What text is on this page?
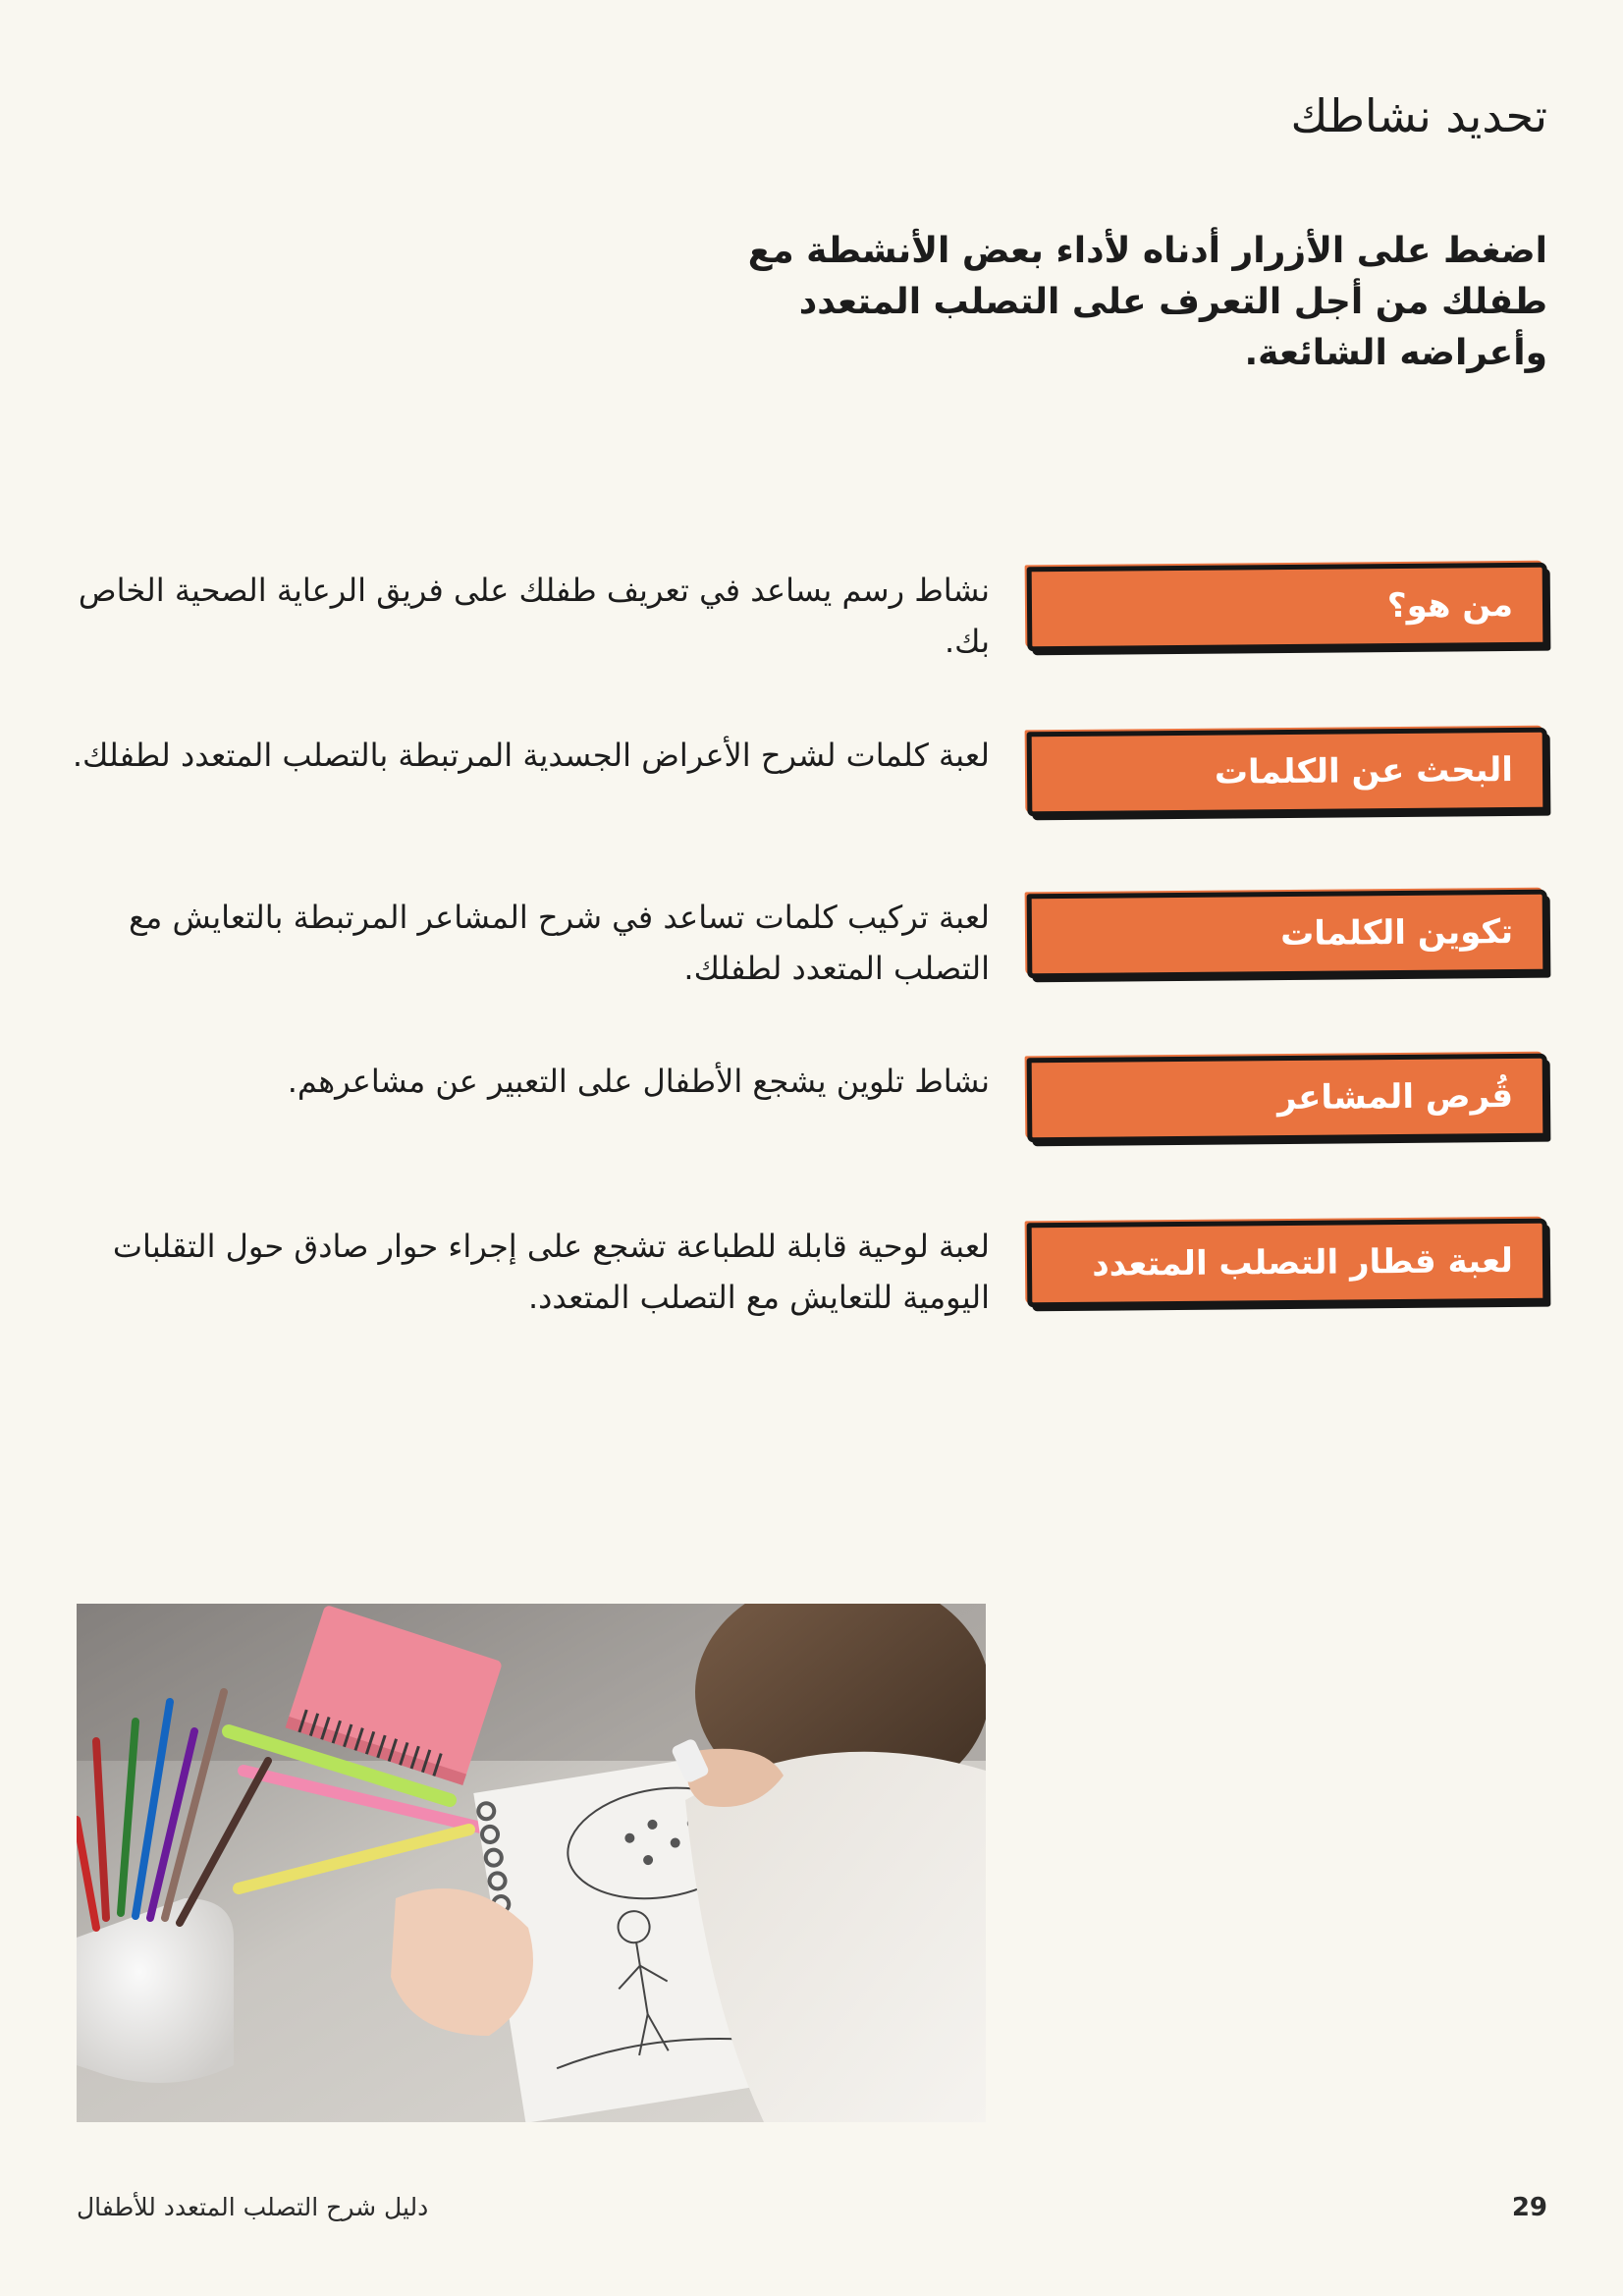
تحديد نشاطك

اضغط على الأزرار أدناه لأداء بعض الأنشطة مع طفلك من أجل التعرف على التصلب المتعدد وأعراضه الشائعة.

من هو؟

نشاط رسم يساعد في تعريف طفلك على فريق الرعاية الصحية الخاص بك.

البحث عن الكلمات

لعبة كلمات لشرح الأعراض الجسدية المرتبطة بالتصلب المتعدد لطفلك.

تكوين الكلمات

لعبة تركيب كلمات تساعد في شرح المشاعر المرتبطة بالتعايش مع التصلب المتعدد لطفلك.

قُرص المشاعر

نشاط تلوين يشجع الأطفال على التعبير عن مشاعرهم.

لعبة قطار التصلب المتعدد

لعبة لوحية قابلة للطباعة تشجع على إجراء حوار صادق حول التقلبات اليومية للتعايش مع التصلب المتعدد.

دليل شرح التصلب المتعدد للأطفال	29
